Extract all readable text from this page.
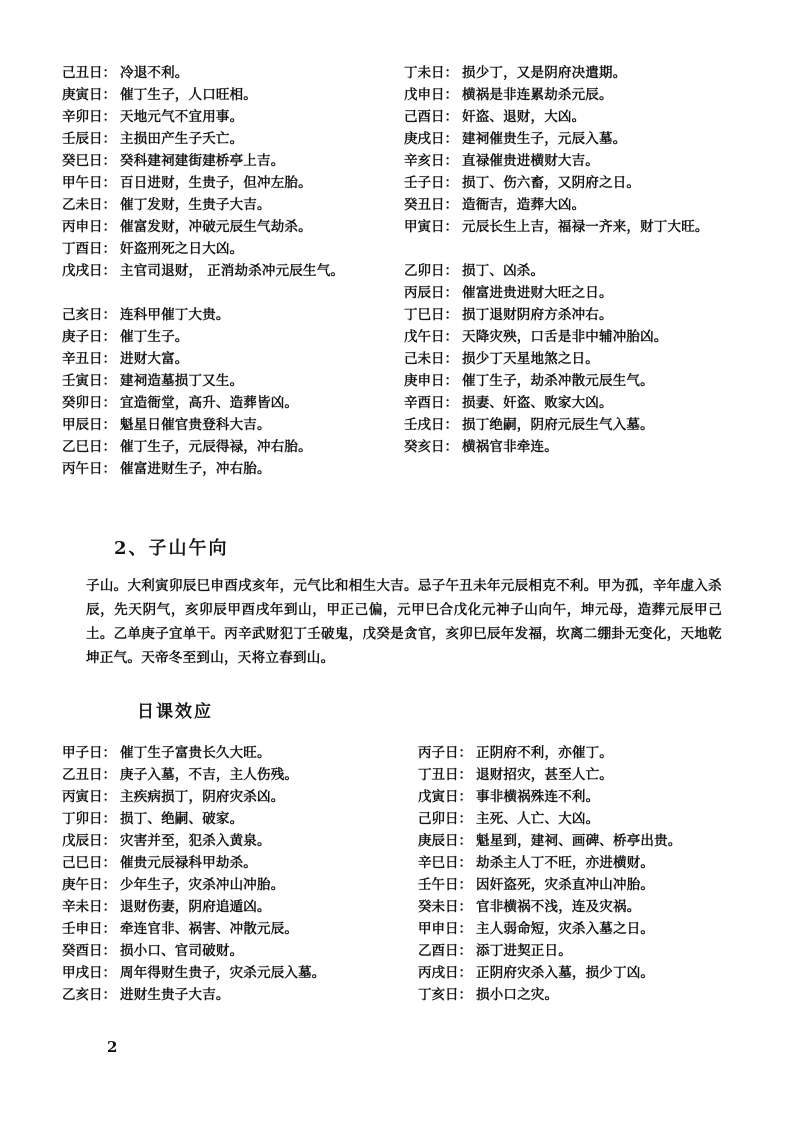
己丑日： 冷退不利。
庚寅日： 催丁生子，人口旺相。
辛卯日： 天地元气不宜用事。
壬辰日： 主损田产生子夭亡。
癸巳日： 癸科建祠建街建桥亭上吉。
甲午日： 百日进财，生贵子，但冲左胎。
乙未日： 催丁发财，生贵子大吉。
丙申日： 催富发财，冲破元辰生气劫杀。
丁酉日： 奸盗刑死之日大凶。
戊戌日： 主官司退财， 正消劫杀冲元辰生气。
己亥日： 连科甲催丁大贵。
庚子日： 催丁生子。
辛丑日： 进财大富。
壬寅日： 建祠造墓损丁又生。
癸卯日： 宜造衙堂，高升、造葬皆凶。
甲辰日： 魁星日催官贵登科大吉。
乙巳日： 催丁生子，元辰得禄，冲右胎。
丙午日： 催富进财生子，冲右胎。
丁未日： 损少丁，又是阴府决遣期。
戊申日： 横祸是非连累劫杀元辰。
己酉日： 奸盗、退财，大凶。
庚戌日： 建祠催贵生子，元辰入墓。
辛亥日： 直禄催贵进横财大吉。
壬子日： 损丁、伤六畜，又阴府之日。
癸丑日： 造衙吉，造葬大凶。
甲寅日： 元辰长生上吉，福禄一齐来，财丁大旺。
乙卯日： 损丁、凶杀。
丙辰日： 催富进贵进财大旺之日。
丁巳日： 损丁退财阴府方杀冲右。
戊午日： 天降灾殃，口舌是非中辅冲胎凶。
己未日： 损少丁天星地煞之日。
庚申日： 催丁生子，劫杀冲散元辰生气。
辛酉日： 损妻、奸盗、败家大凶。
壬戌日： 损丁绝嗣，阴府元辰生气入墓。
癸亥日： 横祸官非牵连。
2、子山午向
子山。大利寅卯辰巳申酉戌亥年，元气比和相生大吉。忌子午丑未年元辰相克不利。甲为孤，辛年虚入杀辰，先天阴气，亥卯辰甲酉戌年到山，甲正己偏，元甲巳合戊化元神子山向午，坤元母，造葬元辰甲己土。乙单庚子宜单干。丙辛武财犯丁壬破鬼，戊癸是贪官，亥卯巳辰年发福，坎离二绷卦无变化，天地乾坤正气。天帝冬至到山，天将立春到山。
日课效应
甲子日： 催丁生子富贵长久大旺。
乙丑日： 庚子入墓，不吉，主人伤残。
丙寅日： 主疾病损丁，阴府灾杀凶。
丁卯日： 损丁、绝嗣、破家。
戊辰日： 灾害并至，犯杀入黄泉。
己巳日： 催贵元辰禄科甲劫杀。
庚午日： 少年生子，灾杀冲山冲胎。
辛未日： 退财伤妻，阴府追遁凶。
壬申日： 牵连官非、祸害、冲散元辰。
癸酉日： 损小口、官司破财。
甲戌日： 周年得财生贵子，灾杀元辰入墓。
乙亥日： 进财生贵子大吉。
丙子日： 正阴府不利，亦催丁。
丁丑日： 退财招灾，甚至人亡。
戊寅日： 事非横祸殊连不利。
己卯日： 主死、人亡、大凶。
庚辰日： 魁星到，建祠、画碑、桥亭出贵。
辛巳日： 劫杀主人丁不旺，亦进横财。
壬午日： 因奸盗死，灾杀直冲山冲胎。
癸未日： 官非横祸不浅，连及灾祸。
甲申日： 主人弱命短，灾杀入墓之日。
乙酉日： 添丁进契正日。
丙戌日： 正阴府灾杀入墓，损少丁凶。
丁亥日： 损小口之灾。
2
